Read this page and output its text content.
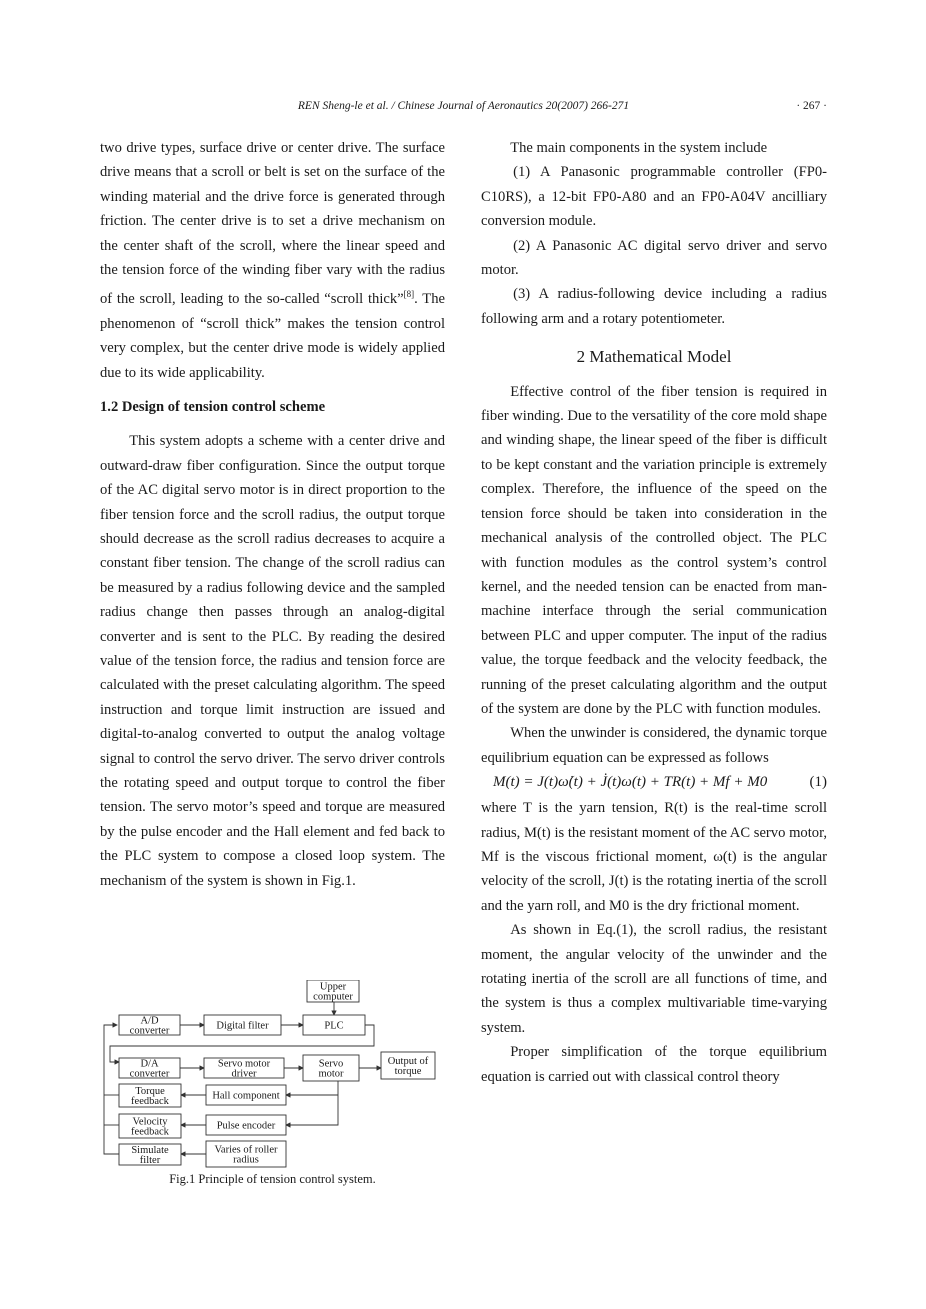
REN Sheng-le et al. / Chinese Journal of Aeronautics 20(2007) 266-271	· 267 ·

two drive types, surface drive or center drive. The surface drive means that a scroll or belt is set on the surface of the winding material and the drive force is generated through friction. The center drive is to set a drive mechanism on the center shaft of the scroll, where the linear speed and the tension force of the winding fiber vary with the radius of the scroll, leading to the so-called “scroll thick”[8]. The phenomenon of “scroll thick” makes the tension control very complex, but the center drive mode is widely applied due to its wide applicability.

1.2 Design of tension control scheme

This system adopts a scheme with a center drive and outward-draw fiber configuration. Since the output torque of the AC digital servo motor is in direct proportion to the fiber tension force and the scroll radius, the output torque should decrease as the scroll radius decreases to acquire a constant fiber tension. The change of the scroll radius can be measured by a radius following device and the sampled radius change then passes through an analog-digital converter and is sent to the PLC. By reading the desired value of the tension force, the radius and tension force are calculated with the preset calculating algorithm. The speed instruction and torque limit instruction are issued and digital-to-analog converted to output the analog voltage signal to control the servo driver. The servo driver controls the rotating speed and output torque to control the fiber tension. The servo motor’s speed and torque are measured by the pulse encoder and the Hall element and fed back to the PLC system to compose a closed loop system. The mechanism of the system is shown in Fig.1.

Upper
computer
A/D
converter	Digital filter	PLC
D/A
converter
Servo motor
driver
Servo
motor
Output of
torque
Torque
feedback	Hall component
Velocity
feedback
Pulse encoder
Simulate
filter
Varies of roller
radius
Fig.1 Principle of tension control system.

The main components in the system include

(1) A Panasonic programmable controller (FP0-C10RS), a 12-bit FP0-A80 and an FP0-A04V ancilliary conversion module.

(2) A Panasonic AC digital servo driver and servo motor.

(3) A radius-following device including a radius following arm and a rotary potentiometer.

2 Mathematical Model

Effective control of the fiber tension is required in fiber winding. Due to the versatility of the core mold shape and winding shape, the linear speed of the fiber is difficult to be kept constant and the variation principle is extremely complex. Therefore, the influence of the speed on the tension force should be taken into consideration in the mechanical analysis of the controlled object. The PLC with function modules as the control system’s control kernel, and the needed tension can be enacted from man-machine interface through the serial communication between PLC and upper computer. The input of the radius value, the torque feedback and the velocity feedback, the running of the preset calculating algorithm and the output of the system are done by the PLC with function modules.

When the unwinder is considered, the dynamic torque equilibrium equation can be expressed as follows

M(t) = J(t)ω̇(t) + J̇(t)ω(t) + TR(t) + Mf + M0	(1)

where T is the yarn tension, R(t) is the real-time scroll radius, M(t) is the resistant moment of the AC servo motor, Mf is the viscous frictional moment, ω(t) is the angular velocity of the scroll, J(t) is the rotating inertia of the scroll and the yarn roll, and M0 is the dry frictional moment.

As shown in Eq.(1), the scroll radius, the resistant moment, the angular velocity of the unwinder and the rotating inertia of the scroll are all functions of time, and the system is thus a complex multivariable time-varying system.

Proper simplification of the torque equilibrium equation is carried out with classical control theory
